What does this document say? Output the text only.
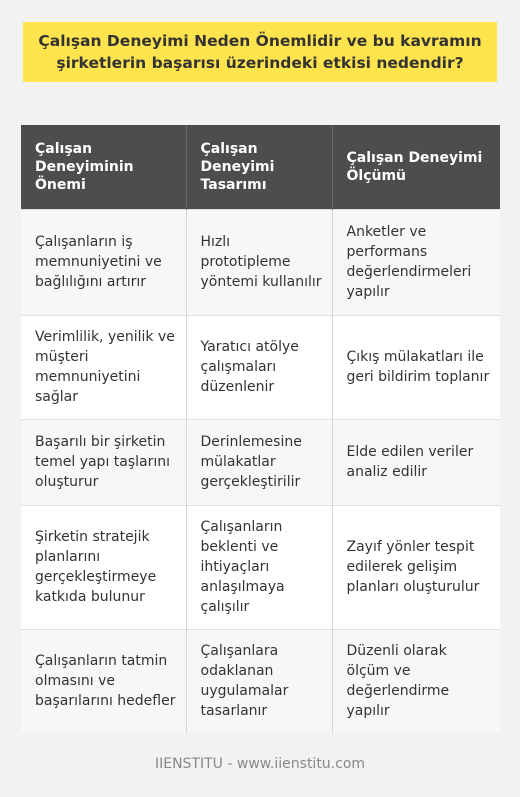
Çalışan Deneyimi Neden Önemlidir ve bu kavramın şirketlerin başarısı üzerindeki etkisi nedendir?
Çalışan Deneyiminin Önemi	Çalışan Deneyimi Tasarımı	Çalışan Deneyimi Ölçümü
Çalışanların iş memnuniyetini ve bağlılığını artırır	Hızlı prototipleme yöntemi kullanılır	Anketler ve performans değerlendirmeleri yapılır
Verimlilik, yenilik ve müşteri memnuniyetini sağlar	Yaratıcı atölye çalışmaları düzenlenir	Çıkış mülakatları ile geri bildirim toplanır
Başarılı bir şirketin temel yapı taşlarını oluşturur	Derinlemesine mülakatlar gerçekleştirilir	Elde edilen veriler analiz edilir
Şirketin stratejik planlarını gerçekleştirmeye katkıda bulunur	Çalışanların beklenti ve ihtiyaçları anlaşılmaya çalışılır	Zayıf yönler tespit edilerek gelişim planları oluşturulur
Çalışanların tatmin olmasını ve başarılarını hedefler	Çalışanlara odaklanan uygulamalar tasarlanır	Düzenli olarak ölçüm ve değerlendirme yapılır
IIENSTITU - www.iienstitu.com
